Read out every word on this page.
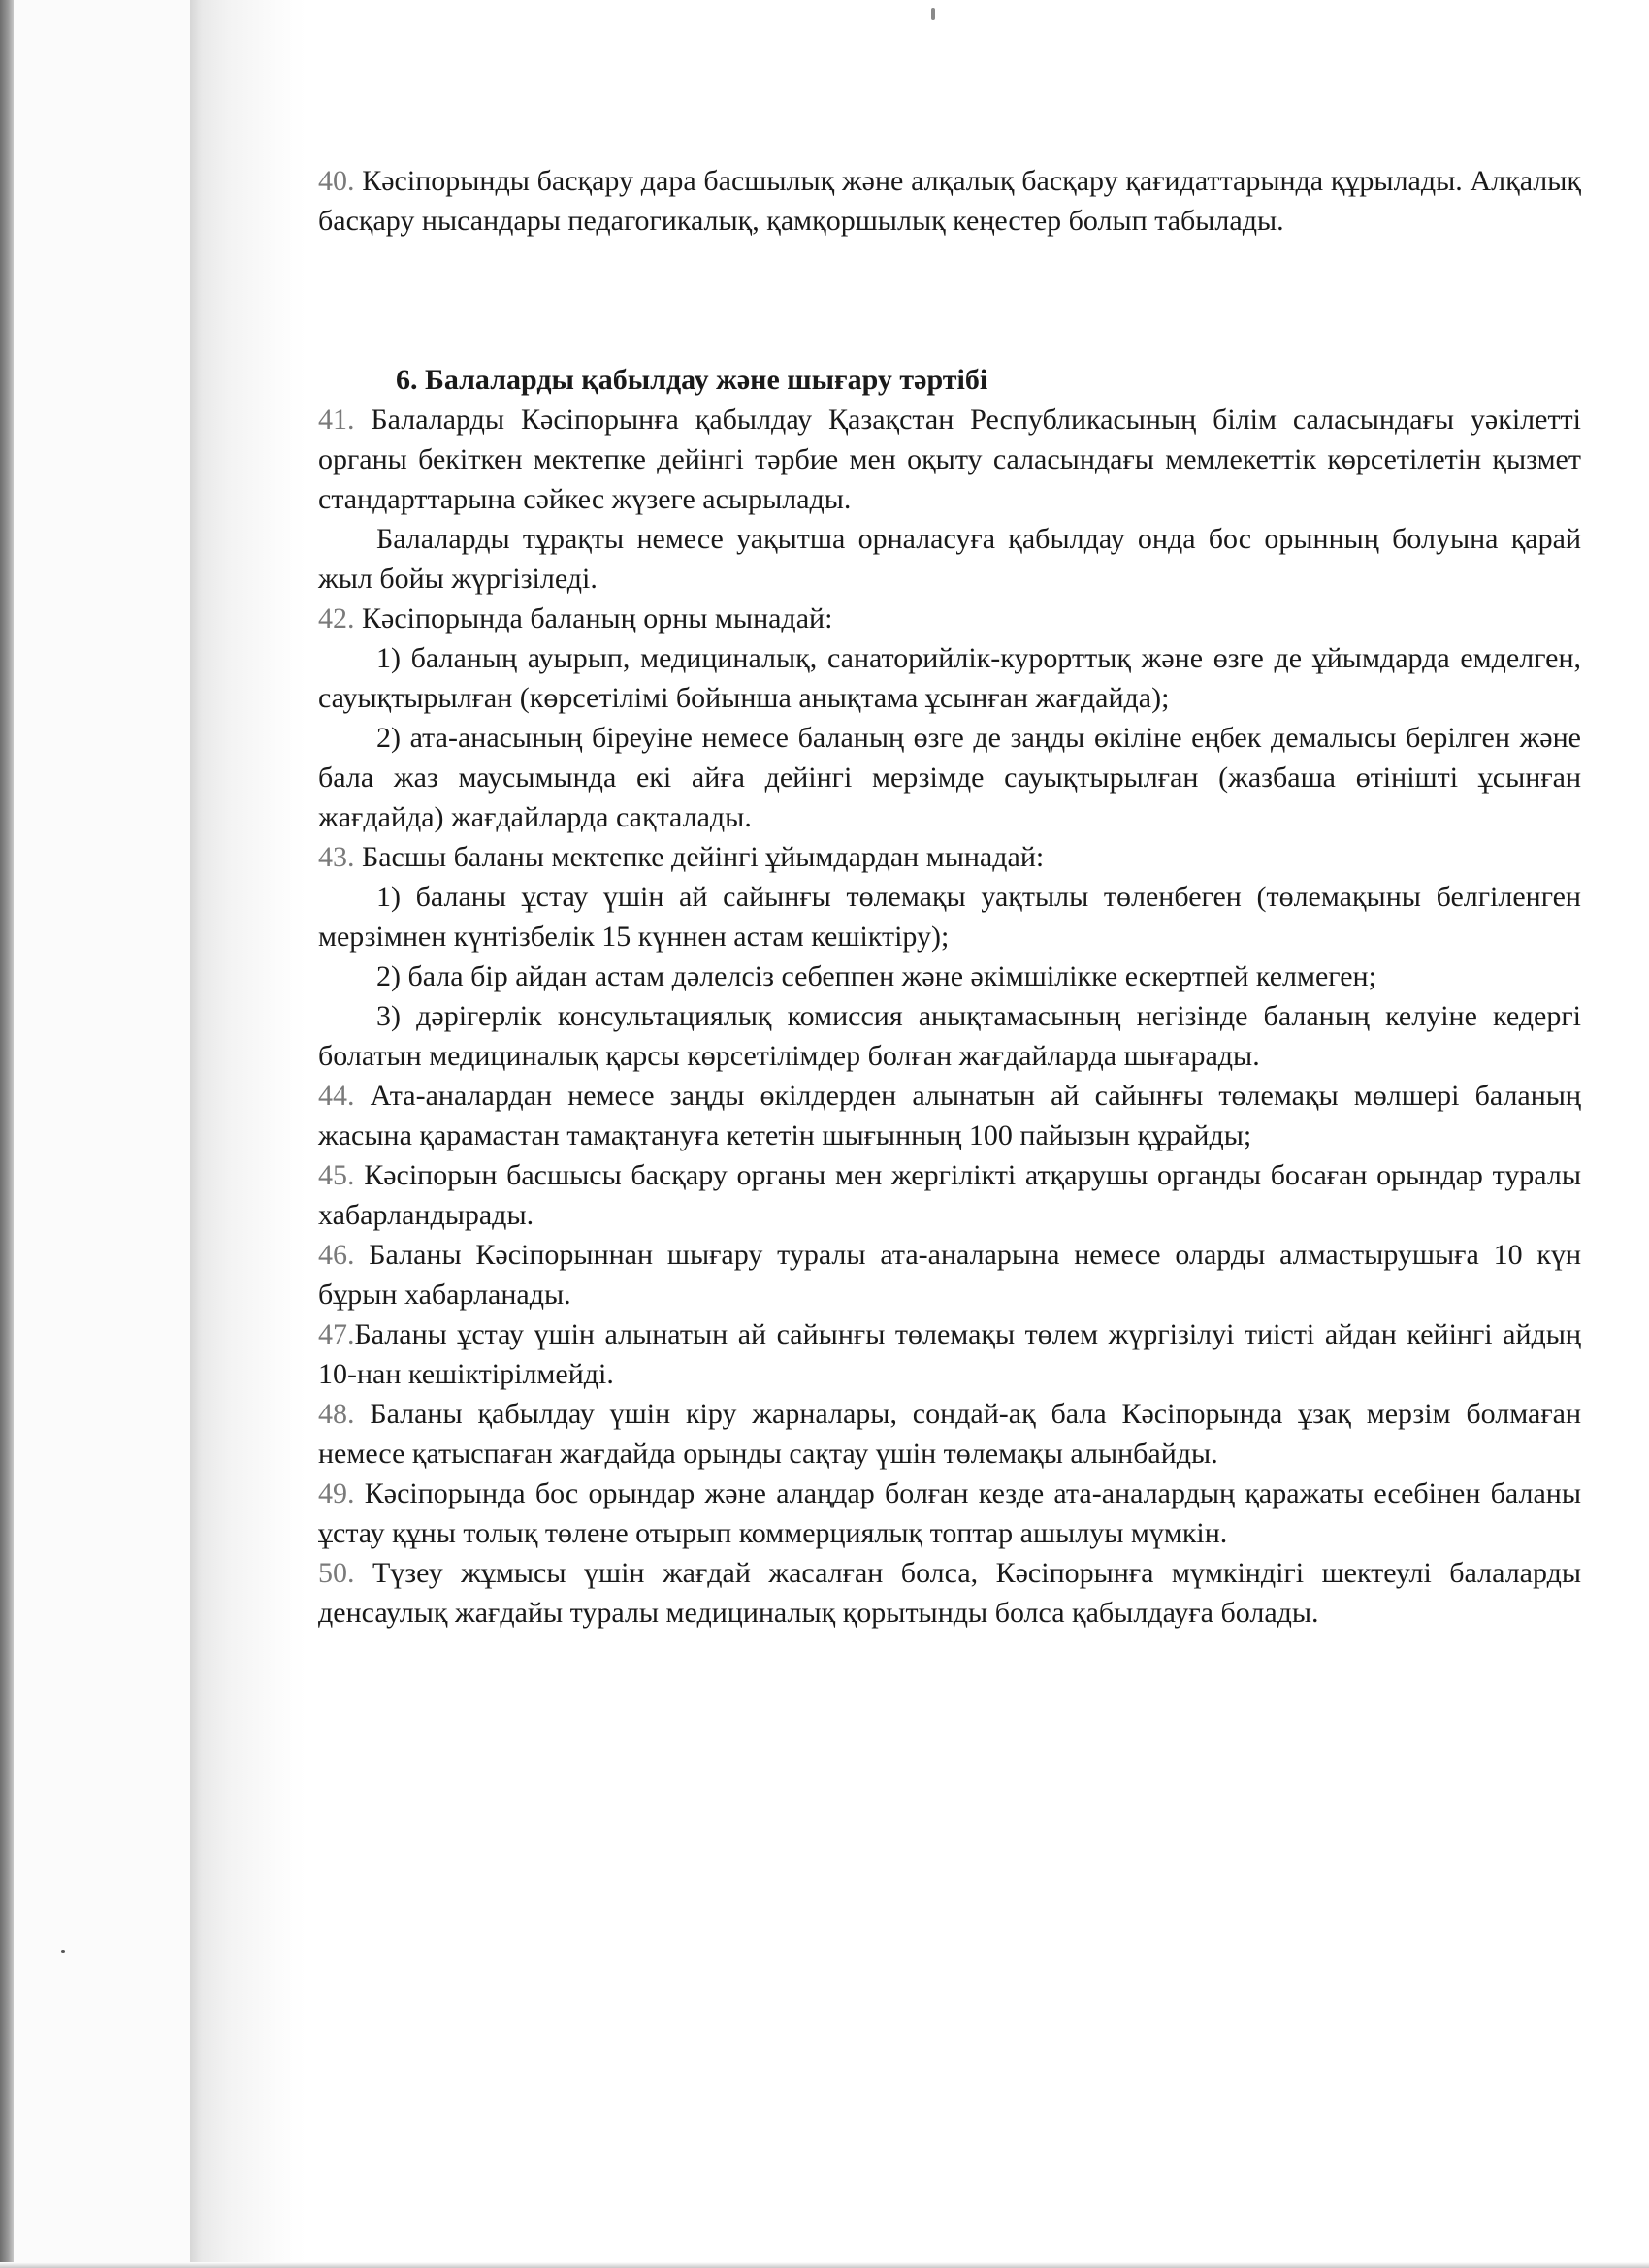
40. Кәсіпорынды басқару дара басшылық және алқалық басқару қағидаттарында құрылады. Алқалық басқару нысандары педагогикалық, қамқоршылық кеңестер болып табылады.

6. Балаларды қабылдау және шығару тәртібі

41. Балаларды Кәсіпорынға қабылдау Қазақстан Республикасының білім саласындағы уәкілетті органы бекіткен мектепке дейінгі тәрбие мен оқыту саласындағы мемлекеттік көрсетілетін қызмет стандарттарына сәйкес жүзеге асырылады.

Балаларды тұрақты немесе уақытша орналасуға қабылдау онда бос орынның болуына қарай жыл бойы жүргізіледі.

42. Кәсіпорында баланың орны мынадай:

1) баланың ауырып, медициналық, санаторийлік-курорттық және өзге де ұйымдарда емделген, сауықтырылған (көрсетілімі бойынша анықтама ұсынған жағдайда);

2) ата-анасының біреуіне немесе баланың өзге де заңды өкіліне еңбек демалысы берілген және бала жаз маусымында екі айға дейінгі мерзімде сауықтырылған (жазбаша өтінішті ұсынған жағдайда) жағдайларда сақталады.

43. Басшы баланы мектепке дейінгі ұйымдардан мынадай:

1) баланы ұстау үшін ай сайынғы төлемақы уақтылы төленбеген (төлемақыны белгіленген мерзімнен күнтізбелік 15 күннен астам кешіктіру);

2) бала бір айдан астам дәлелсіз себеппен және әкімшілікке ескертпей келмеген;

3) дәрігерлік консультациялық комиссия анықтамасының негізінде баланың келуіне кедергі болатын медициналық қарсы көрсетілімдер болған жағдайларда шығарады.

44. Ата-аналардан немесе заңды өкілдерден алынатын ай сайынғы төлемақы мөлшері баланың жасына қарамастан тамақтануға кететін шығынның 100 пайызын құрайды;

45. Кәсіпорын басшысы басқару органы мен жергілікті атқарушы органды босаған орындар туралы хабарландырады.

46. Баланы Кәсіпорыннан шығару туралы ата-аналарына немесе оларды алмастырушыға 10 күн бұрын хабарланады.

47.Баланы ұстау үшін алынатын ай сайынғы төлемақы төлем жүргізілуі тиісті айдан кейінгі айдың 10-нан кешіктірілмейді.

48. Баланы қабылдау үшін кіру жарналары, сондай-ақ бала Кәсіпорында ұзақ мерзім болмаған немесе қатыспаған жағдайда орынды сақтау үшін төлемақы алынбайды.

49. Кәсіпорында бос орындар және алаңдар болған кезде ата-аналардың қаражаты есебінен баланы ұстау құны толық төлене отырып коммерциялық топтар ашылуы мүмкін.

50. Түзеу жұмысы үшін жағдай жасалған болса, Кәсіпорынға мүмкіндігі шектеулі балаларды денсаулық жағдайы туралы медициналық қорытынды болса қабылдауға болады.
